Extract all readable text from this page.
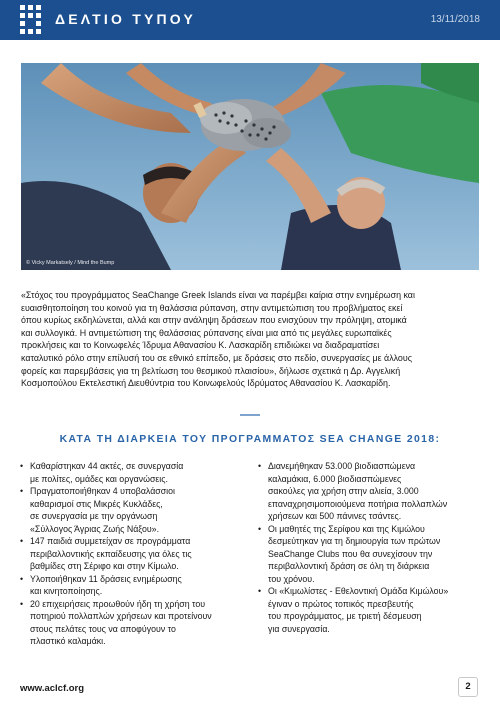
ΔΕΛΤΙΟ ΤΥΠΟΥ	13/11/2018
© Vicky Markatsely / Mind the Bump

«Στόχος του προγράμματος SeaChange Greek Islands είναι να παρέμβει καίρια στην ενημέρωση και
ευαισθητοποίηση του κοινού για τη θαλάσσια ρύπανση, στην αντιμετώπιση του προβλήματος εκεί
όπου κυρίως εκδηλώνεται, αλλά και στην ανάληψη δράσεων που ενισχύουν την πρόληψη, ατομικά
και συλλογικά. Η αντιμετώπιση της θαλάσσιας ρύπανσης είναι μια από τις μεγάλες ευρωπαϊκές
προκλήσεις και το Κοινωφελές Ίδρυμα Αθανασίου Κ. Λασκαρίδη επιδιώκει να διαδραματίσει
καταλυτικό ρόλο στην επίλυσή του σε εθνικό επίπεδο, με δράσεις στο πεδίο, συνεργασίες με άλλους
φορείς και παρεμβάσεις για τη βελτίωση του θεσμικού πλαισίου», δήλωσε σχετικά η Δρ. Αγγελική
Κοσμοπούλου Εκτελεστική Διευθύντρια του Κοινωφελούς Ιδρύματος Αθανασίου Κ. Λασκαρίδη.

ΚΑΤΑ ΤΗ ΔΙΑΡΚΕΙΑ ΤΟΥ ΠΡΟΓΡΑΜΜΑΤΟΣ SEA CHANGE 2018:
• Καθαρίστηκαν 44 ακτές, σε συνεργασία
με πολίτες, ομάδες και οργανώσεις.
• Πραγματοποιήθηκαν 4 υποβαλάσσιοι
καθαρισμοί στις Μικρές Κυκλάδες,
σε συνεργασία με την οργάνωση
«Σύλλογος Άγριας Ζωής Νάξου».
• 147 παιδιά συμμετείχαν σε προγράμματα
περιβαλλοντικής εκπαίδευσης για όλες τις
βαθμίδες στη Σέριφο και στην Κίμωλο.
• Υλοποιήθηκαν 11 δράσεις ενημέρωσης
και κινητοποίησης.
• 20 επιχειρήσεις προωθούν ήδη τη χρήση του
ποτηριού πολλαπλών χρήσεων και προτείνουν
στους πελάτες τους να αποφύγουν το
πλαστικό καλαμάκι.
• Διανεμήθηκαν 53.000 βιοδιασπώμενα
καλαμάκια, 6.000 βιοδιασπώμενες
σακούλες για χρήση στην αλιεία, 3.000
επαναχρησιμοποιούμενα ποτήρια πολλαπλών
χρήσεων και 500 πάνινες τσάντες.
• Οι μαθητές της Σερίφου και της Κιμώλου
δεσμεύτηκαν για τη δημιουργία των πρώτων
SeaChange Clubs που θα συνεχίσουν την
περιβαλλοντική δράση σε όλη τη διάρκεια
του χρόνου.
• Οι «Κιμωλίστες - Εθελοντική Ομάδα Κιμώλου»
έγιναν ο πρώτος τοπικός πρεσβευτής
του προγράμματος, με τριετή δέσμευση
για συνεργασία.
www.aclcf.org	2
